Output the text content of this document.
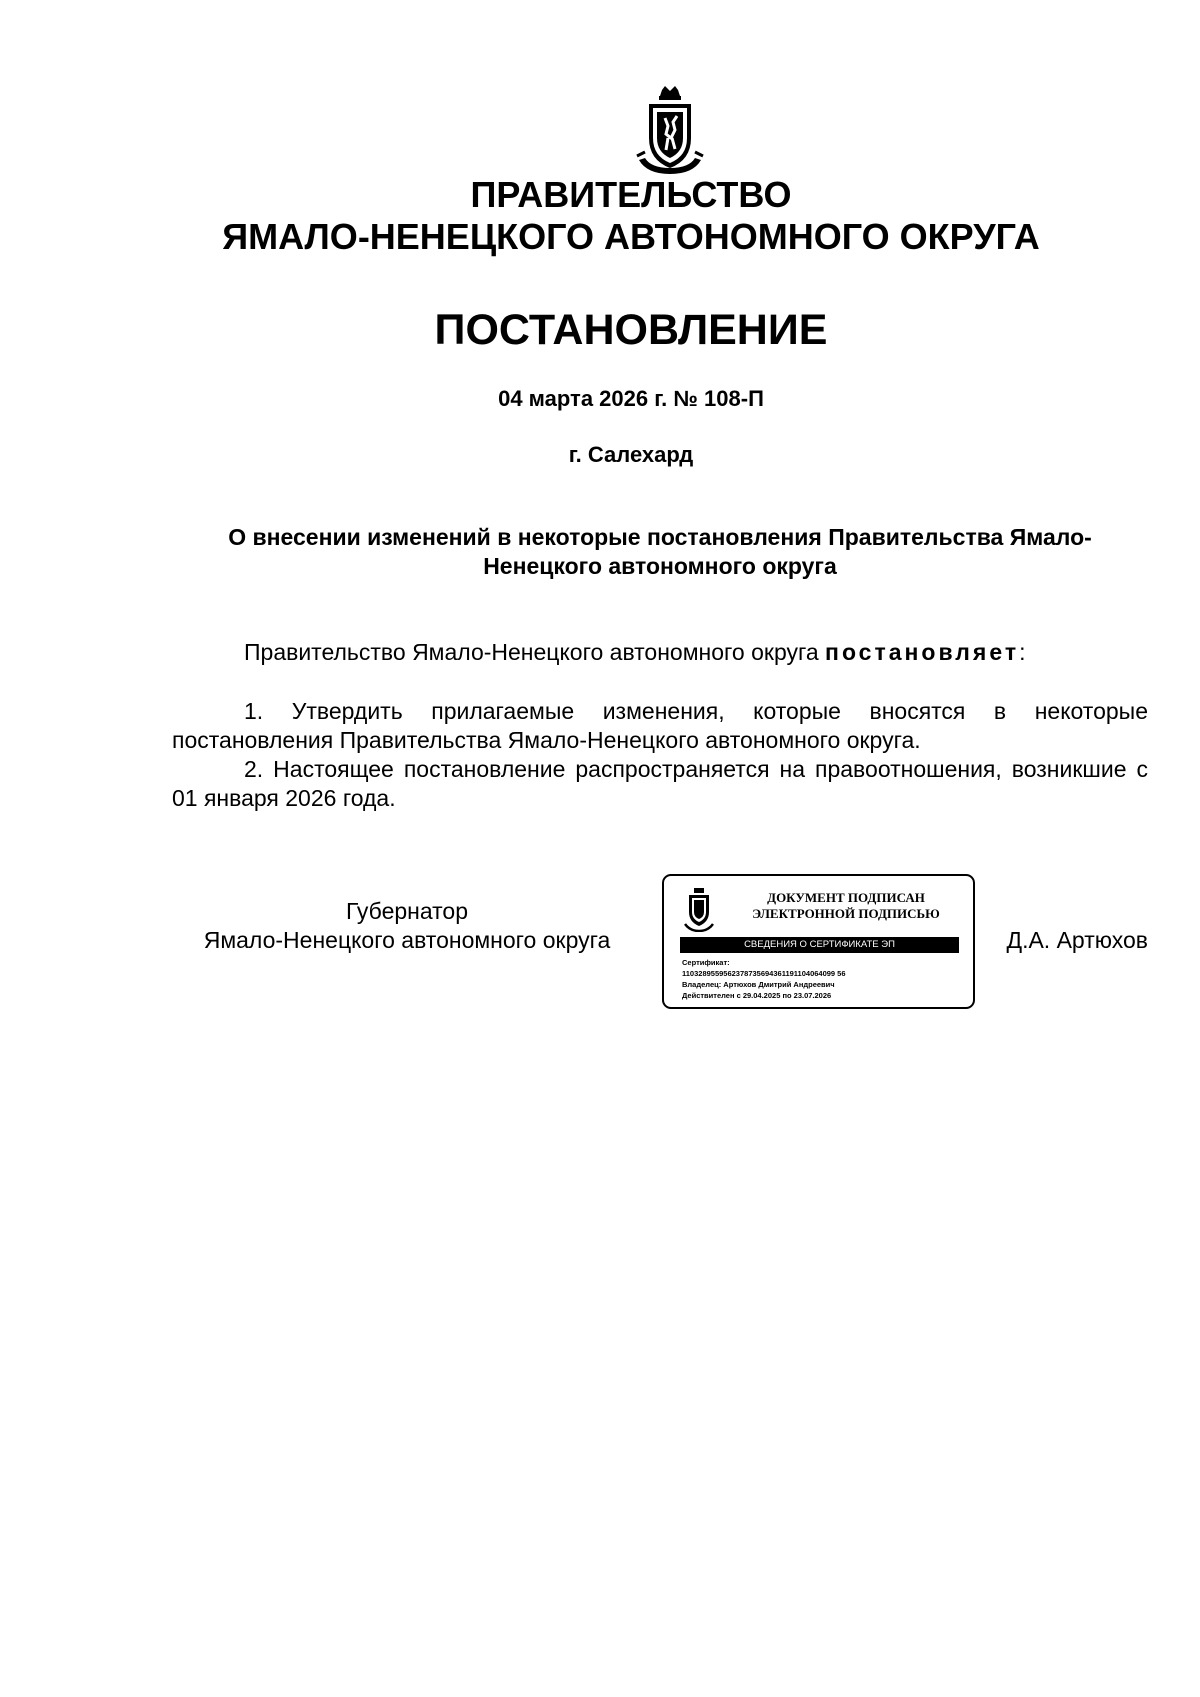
ПРАВИТЕЛЬСТВО
ЯМАЛО-НЕНЕЦКОГО АВТОНОМНОГО ОКРУГА
ПОСТАНОВЛЕНИЕ
04 марта 2026 г. № 108-П
г. Салехард
О внесении изменений в некоторые постановления Правительства Ямало-Ненецкого автономного округа
Правительство Ямало-Ненецкого автономного округа постановляет:
1. Утвердить прилагаемые изменения, которые вносятся в некоторые постановления Правительства Ямало-Ненецкого автономного округа.
2. Настоящее постановление распространяется на правоотношения, возникшие с 01 января 2026 года.
Губернатор
Ямало-Ненецкого автономного округа
ДОКУМЕНТ ПОДПИСАН
ЭЛЕКТРОННОЙ ПОДПИСЬЮ
СВЕДЕНИЯ О СЕРТИФИКАТЕ ЭП
Сертификат:
1103289559562378735694361191104064099 56
Владелец: Артюхов Дмитрий Андреевич
Действителен с 29.04.2025 по 23.07.2026
Д.А. Артюхов
